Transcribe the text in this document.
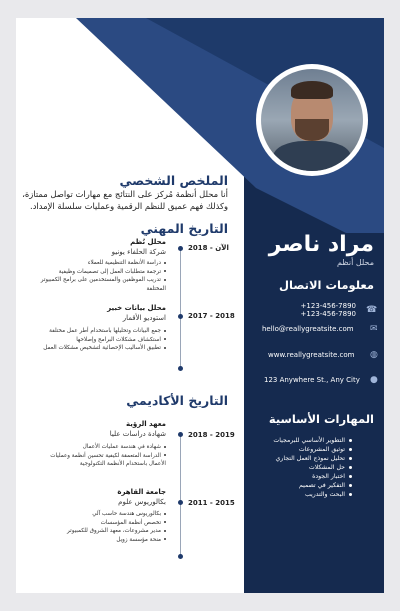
الملخص الشخصي

أنا محلل أنظمة مُركز على النتائج مع مهارات تواصل ممتازة، وكذلك فهم عميق للنظم الرقمية وعمليات سلسلة الإمداد.

التاريخ المهني

الآن - 2018

محلل نُظم

شركة الحلفاء يونيو

دراسة الأنظمة التنظيمية للعملاء
ترجمة متطلبات العمل إلى تصميمات وظيفية
تدريب الموظفين والمستخدمين على برامج الكمبيوتر المختلفة
2017 - 2018

محلل بيانات خبير

استوديو الأقمار

جمع البيانات وتحليلها باستخدام أطر عمل مختلفة
استكشاف مشكلات البرامج وإصلاحها
تطبيق الأساليب الإحصائية لتشخيص مشكلات العمل

التاريخ الأكاديمي

2018 - 2019

معهد الرؤية

شهادة دراسات عليا

شهادة في هندسة عمليات الأعمال
الدراسة المتعمقة لكيفية تحسين أنظمة وعمليات الأعمال باستخدام الأنظمة التكنولوجية
2011 - 2015

جامعة القاهرة

بكالوريوس علوم

بكالوريوس هندسة حاسب آلي
تخصص أنظمة المؤسسات
مدير مشروعات، معهد الشروق للكمبيوتر
منحة مؤسسة زويل

مراد ناصر

محلل أنظم

معلومات الاتصال

+123-456-7890
+123-456-7890 ☎
hello@reallygreatsite.com ✉
www.reallygreatsite.com ◍
123 Anywhere St., Any City ●

المهارات الأساسية

التطوير الأساسي للبرمجيات
توثيق المشروعات
تحليل نموذج العمل التجاري
حل المشكلات
اختبار الجودة
التفكير في تصميم
البحث والتدريب
